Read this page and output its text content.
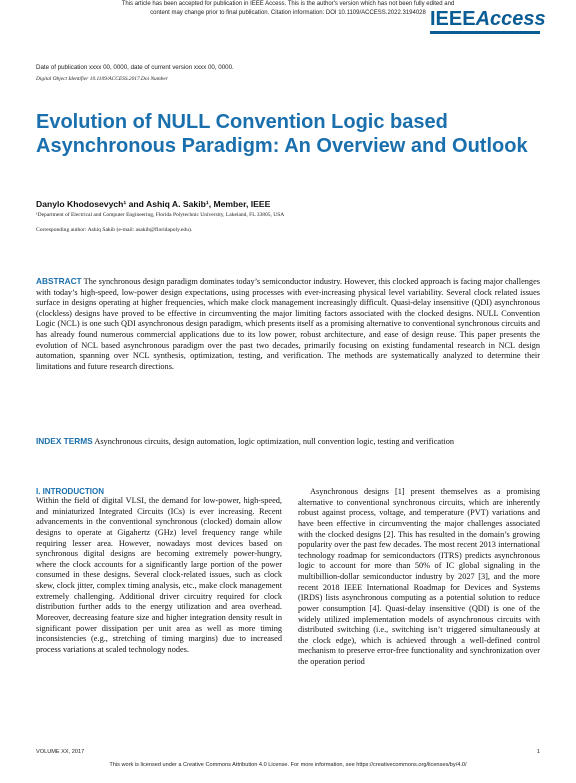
This article has been accepted for publication in IEEE Access. This is the author's version which has not been fully edited and
content may change prior to final publication. Citation information: DOI 10.1109/ACCESS.2022.3194028 IEEEAccess
Date of publication xxxx 00, 0000, date of current version xxxx 00, 0000.
Digital Object Identifier 10.1109/ACCESS.2017.Doi Number
Evolution of NULL Convention Logic based Asynchronous Paradigm: An Overview and Outlook
Danylo Khodosevych¹ and Ashiq A. Sakib¹, Member, IEEE
¹Department of Electrical and Computer Engineering, Florida Polytechnic University, Lakeland, FL 33805, USA
Corresponding author: Ashiq Sakib (e-mail: asakib@floridapoly.edu).

ABSTRACT The synchronous design paradigm dominates today’s semiconductor industry. However, this clocked approach is facing major challenges with today’s high-speed, low-power design expectations, using processes with ever-increasing physical level variability. Several clock related issues surface in designs operating at higher frequencies, which make clock management increasingly difficult. Quasi-delay insensitive (QDI) asynchronous (clockless) designs have proved to be effective in circumventing the major limiting factors associated with the clocked designs. NULL Convention Logic (NCL) is one such QDI asynchronous design paradigm, which presents itself as a promising alternative to conventional synchronous circuits and has already found numerous commercial applications due to its low power, robust architecture, and ease of design reuse. This paper presents the evolution of NCL based asynchronous paradigm over the past two decades, primarily focusing on existing fundamental research in NCL design automation, spanning over NCL synthesis, optimization, testing, and verification. The methods are systematically analyzed to determine their limitations and future research directions.

INDEX TERMS Asynchronous circuits, design automation, logic optimization, null convention logic, testing and verification

I. INTRODUCTION

Within the field of digital VLSI, the demand for low-power, high-speed, and miniaturized Integrated Circuits (ICs) is ever increasing. Recent advancements in the conventional synchronous (clocked) domain allow designs to operate at Gigahertz (GHz) level frequency range while requiring lesser area. However, nowadays most devices based on synchronous digital designs are becoming extremely power-hungry, where the clock accounts for a significantly large portion of the power consumed in these designs. Several clock-related issues, such as clock skew, clock jitter, complex timing analysis, etc., make clock management extremely challenging. Additional driver circuitry required for clock distribution further adds to the energy utilization and area overhead. Moreover, decreasing feature size and higher integration density result in significant power dissipation per unit area as well as more timing inconsistencies (e.g., stretching of timing margins) due to increased process variations at scaled technology nodes.

Asynchronous designs [1] present themselves as a promising alternative to conventional synchronous circuits, which are inherently robust against process, voltage, and temperature (PVT) variations and have been effective in circumventing the major challenges associated with the clocked designs [2]. This has resulted in the domain’s growing popularity over the past few decades. The most recent 2013 international technology roadmap for semiconductors (ITRS) predicts asynchronous logic to account for more than 50% of IC global signaling in the multibillion-dollar semiconductor industry by 2027 [3], and the more recent 2018 IEEE International Roadmap for Devices and Systems (IRDS) lists asynchronous computing as a potential solution to reduce power consumption [4]. Quasi-delay insensitive (QDI) is one of the widely utilized implementation models of asynchronous circuits with distributed switching (i.e., switching isn’t triggered simultaneously at the clock edge), which is achieved through a well-defined control mechanism to preserve error-free functionality and synchronization over the operation period

VOLUME XX, 2017	1
This work is licensed under a Creative Commons Attribution 4.0 License. For more information, see https://creativecommons.org/licenses/by/4.0/
